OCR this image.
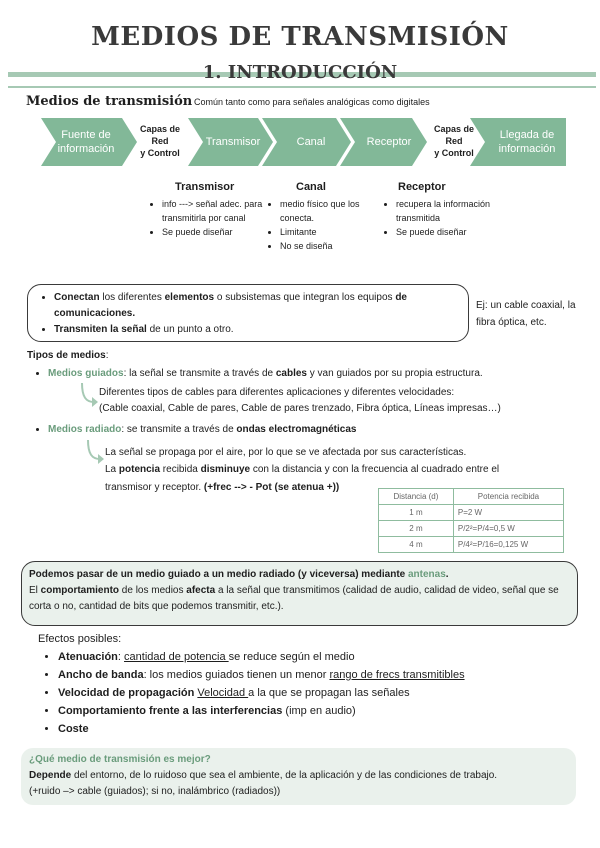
MEDIOS DE TRANSMISIÓN
1. INTRODUCCIÓN
Medios de transmisión Común tanto como para señales analógicas como digitales
Fuente de
información
Capas de
Red
y Control
Transmisor	Canal	Receptor
Capas de
Red
y Control
Llegada de
información
Transmisor
• info ---> señal adec. para transmitirla por canal
• Se puede diseñar
Canal
• medio físico que los conecta.
• Limitante
• No se diseña
Receptor
• recupera la información transmitida
• Se puede diseñar
• Conectan los diferentes elementos o subsistemas que integran los equipos de comunicaciones.
• Transmiten la señal de un punto a otro.
Ej: un cable coaxial, la fibra óptica, etc.
Tipos de medios:
• Medios guiados: la señal se transmite a través de cables y van guiados por su propia estructura.
Diferentes tipos de cables para diferentes aplicaciones y diferentes velocidades:
(Cable coaxial, Cable de pares, Cable de pares trenzado, Fibra óptica, Líneas impresas…)
• Medios radiado: se transmite a través de ondas electromagnéticas
La señal se propaga por el aire, por lo que se ve afectada por sus características.
La potencia recibida disminuye con la distancia y con la frecuencia al cuadrado entre el
transmisor y receptor. (+frec --> - Pot (se atenua +))
Distancia (d)	Potencia recibida
1 m	P=2 W
2 m	P/2²=P/4=0,5 W
4 m	P/4²=P/16=0,125 W
Podemos pasar de un medio guiado a un medio radiado (y viceversa) mediante antenas.
El comportamiento de los medios afecta a la señal que transmitimos (calidad de audio, calidad de video, señal que se corta o no, cantidad de bits que podemos transmitir, etc.).
Efectos posibles:
• Atenuación: cantidad de potencia se reduce según el medio
• Ancho de banda: los medios guiados tienen un menor rango de frecs transmitibles
• Velocidad de propagación Velocidad a la que se propagan las señales
• Comportamiento frente a las interferencias (imp en audio)
• Coste
¿Qué medio de transmisión es mejor?
Depende del entorno, de lo ruidoso que sea el ambiente, de la aplicación y de las condiciones de trabajo.
(+ruido –> cable (guiados); si no, inalámbrico (radiados))
